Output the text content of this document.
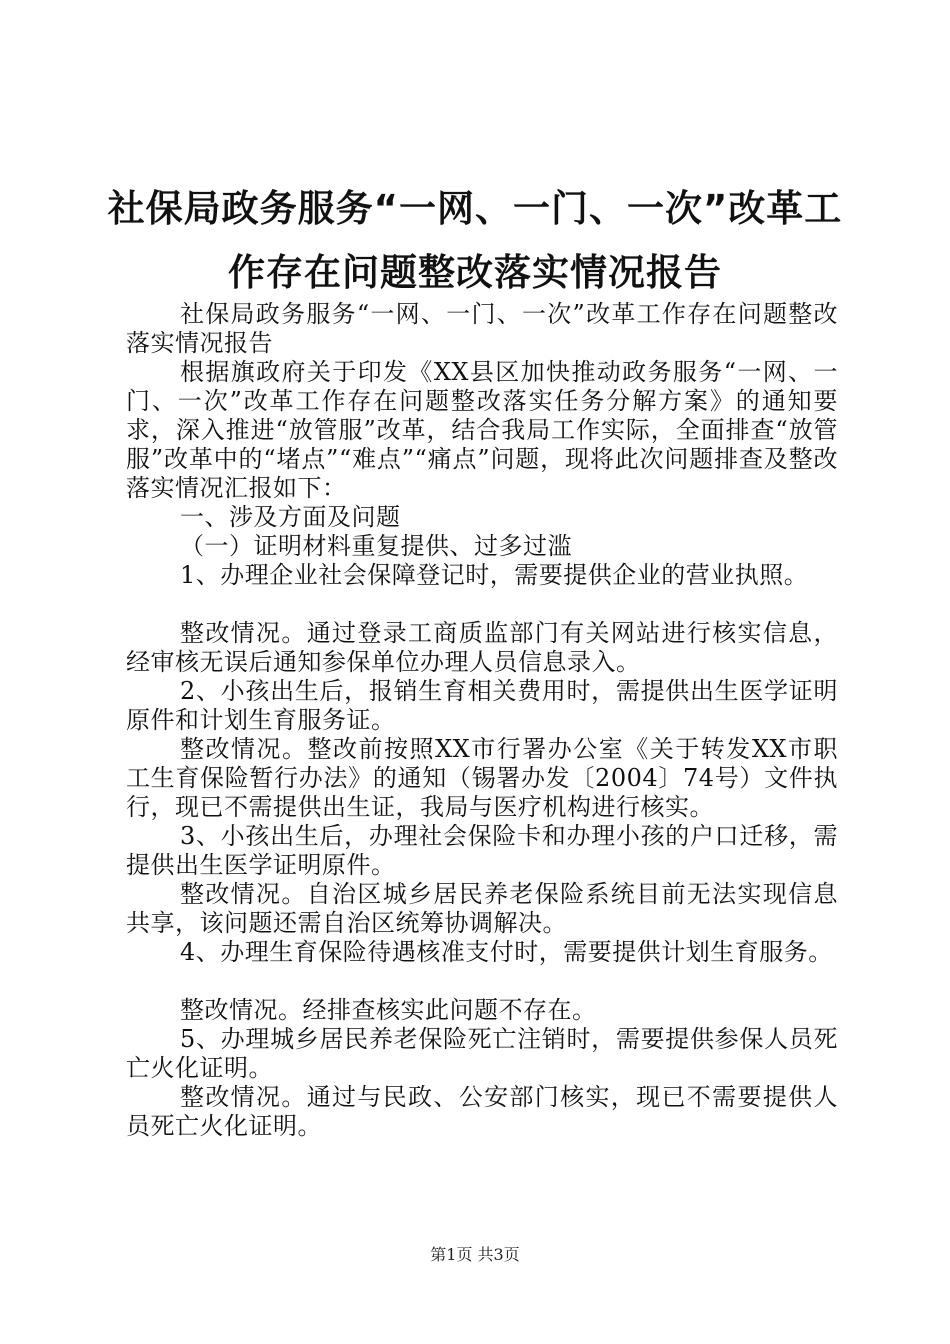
社保局政务服务“一网、一门、一次”改革工
作存在问题整改落实情况报告

社保局政务服务“一网、一门、一次”改革工作存在问题整改落实情况报告

根据旗政府关于印发《XX县区加快推动政务服务“一网、一门、一次”改革工作存在问题整改落实任务分解方案》的通知要求，深入推进“放管服”改革，结合我局工作实际，全面排查“放管服”改革中的“堵点”“难点”“痛点”问题，现将此次问题排查及整改落实情况汇报如下：

一、涉及方面及问题

（一）证明材料重复提供、过多过滥

1、办理企业社会保障登记时，需要提供企业的营业执照。

整改情况。通过登录工商质监部门有关网站进行核实信息，经审核无误后通知参保单位办理人员信息录入。

2、小孩出生后，报销生育相关费用时，需提供出生医学证明原件和计划生育服务证。

整改情况。整改前按照XX市行署办公室《关于转发XX市职工生育保险暂行办法》的通知（锡署办发〔2004〕74号）文件执行，现已不需提供出生证，我局与医疗机构进行核实。

3、小孩出生后，办理社会保险卡和办理小孩的户口迁移，需提供出生医学证明原件。

整改情况。自治区城乡居民养老保险系统目前无法实现信息共享，该问题还需自治区统筹协调解决。

4、办理生育保险待遇核准支付时，需要提供计划生育服务。

整改情况。经排查核实此问题不存在。

5、办理城乡居民养老保险死亡注销时，需要提供参保人员死亡火化证明。

整改情况。通过与民政、公安部门核实，现已不需要提供人员死亡火化证明。

第1页 共3页
